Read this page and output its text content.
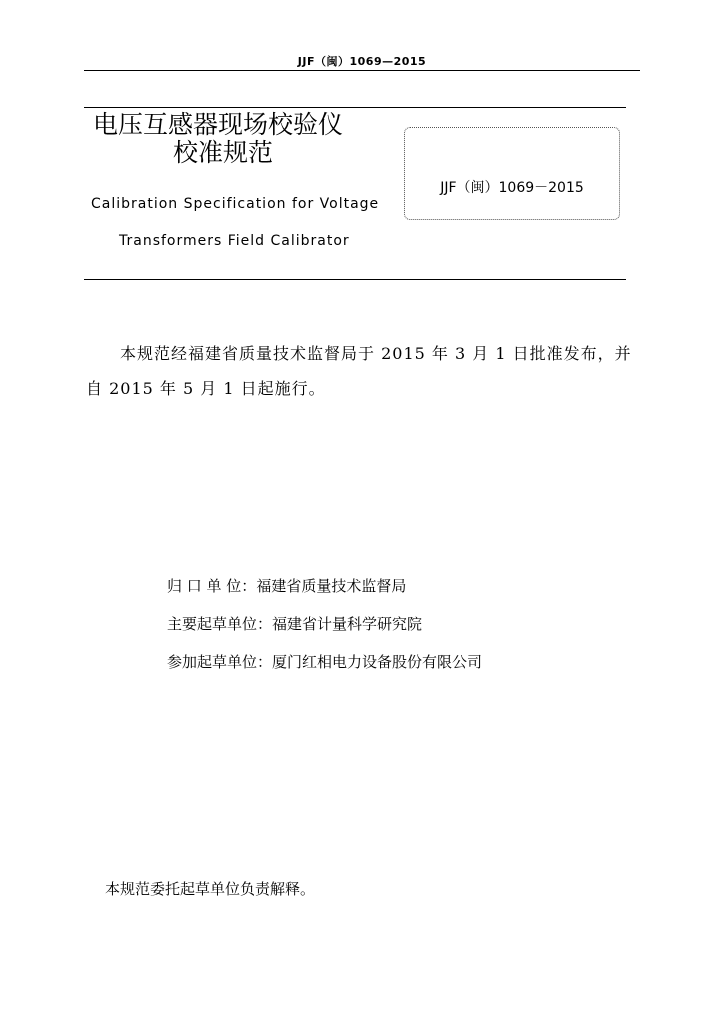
JJF（闽）1069—2015
电压互感器现场校验仪
校准规范
Calibration Specification for Voltage
Transformers Field Calibrator
JJF（闽）1069－2015
本规范经福建省质量技术监督局于 2015 年 3 月 1 日批准发布，并自 2015 年 5 月 1 日起施行。
归 口 单 位：福建省质量技术监督局
主要起草单位：福建省计量科学研究院
参加起草单位：厦门红相电力设备股份有限公司
本规范委托起草单位负责解释。
